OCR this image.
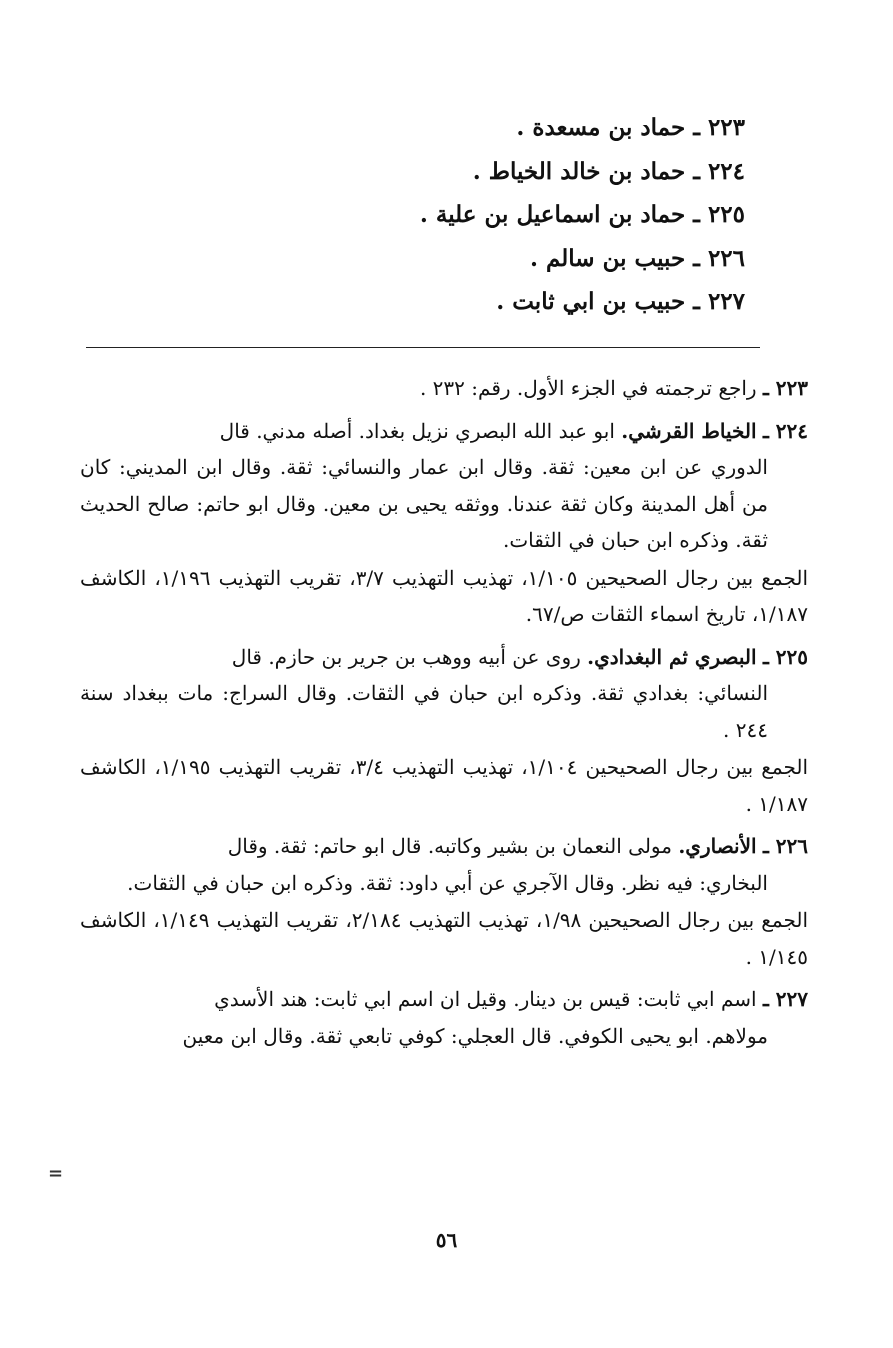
٢٢٣ ـ حماد بن مسعدة .
٢٢٤ ـ حماد بن خالد الخياط .
٢٢٥ ـ حماد بن اسماعيل بن علية .
٢٢٦ ـ حبيب بن سالم .
٢٢٧ ـ حبيب بن ابي ثابت .

٢٢٣ ـ راجع ترجمته في الجزء الأول. رقم: ٢٣٢ .

٢٢٤ ـ الخياط القرشي. ابو عبد الله البصري نزيل بغداد. أصله مدني. قال

الدوري عن ابن معين: ثقة. وقال ابن عمار والنسائي: ثقة. وقال ابن المديني: كان من أهل المدينة وكان ثقة عندنا. ووثقه يحيى بن معين. وقال ابو حاتم: صالح الحديث ثقة. وذكره ابن حبان في الثقات.

الجمع بين رجال الصحيحين ١/١٠٥، تهذيب التهذيب ٣/٧، تقريب التهذيب ١/١٩٦، الكاشف ١/١٨٧، تاريخ اسماء الثقات ص/٦٧.

٢٢٥ ـ البصري ثم البغدادي. روى عن أبيه ووهب بن جرير بن حازم. قال

النسائي: بغدادي ثقة. وذكره ابن حبان في الثقات. وقال السراج: مات ببغداد سنة ٢٤٤ .

الجمع بين رجال الصحيحين ١/١٠٤، تهذيب التهذيب ٣/٤، تقريب التهذيب ١/١٩٥، الكاشف ١/١٨٧ .

٢٢٦ ـ الأنصاري. مولى النعمان بن بشير وكاتبه. قال ابو حاتم: ثقة. وقال

البخاري: فيه نظر. وقال الآجري عن أبي داود: ثقة. وذكره ابن حبان في الثقات.

الجمع بين رجال الصحيحين ١/٩٨، تهذيب التهذيب ٢/١٨٤، تقريب التهذيب ١/١٤٩، الكاشف ١/١٤٥ .

٢٢٧ ـ اسم ابي ثابت: قيس بن دينار. وقيل ان اسم ابي ثابت: هند الأسدي

مولاهم. ابو يحيى الكوفي. قال العجلي: كوفي تابعي ثقة. وقال ابن معين

=
٥٦
